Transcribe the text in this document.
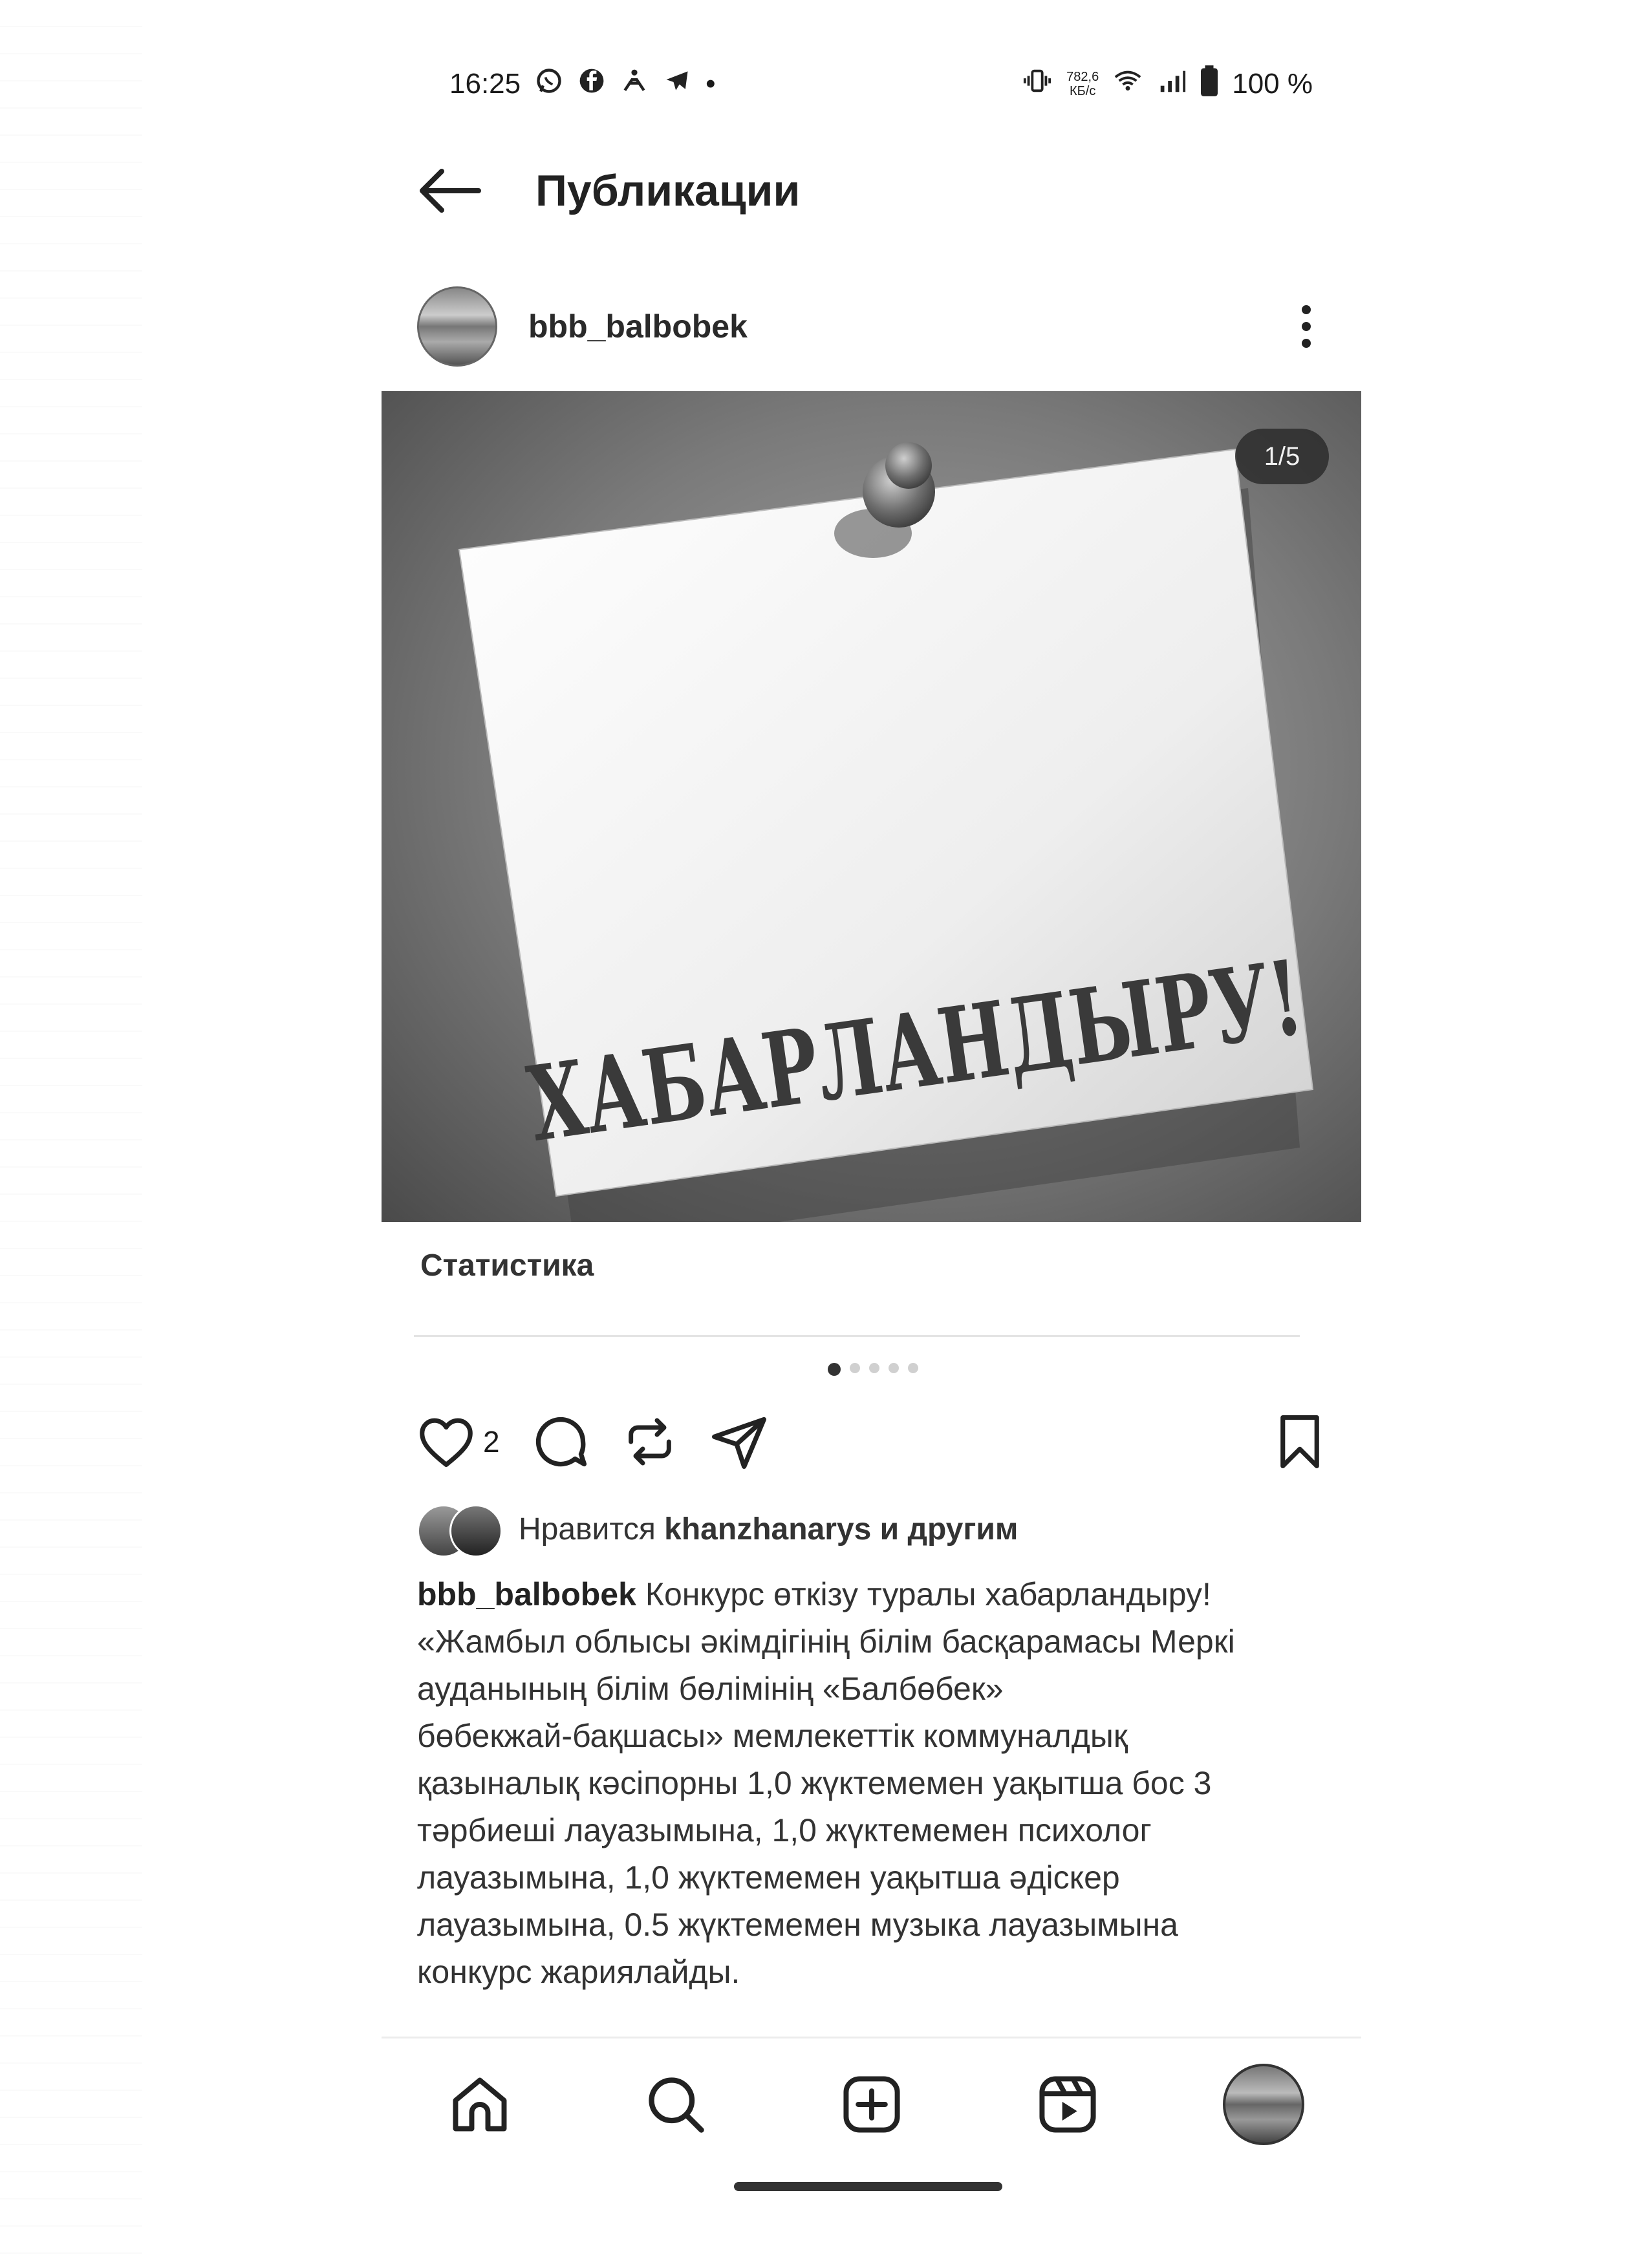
16:25	•	782,6
КБ/с	100 %
Публикации
bbb_balbobek
ХАБАРЛАНДЫРУ!
1/5
Статистика
2
Нравится khanzhanarys и другим
bbb_balbobek Конкурс өткізу туралы хабарландыру!
«Жамбыл облысы әкімдігінің білім басқарамасы Меркі
ауданының білім бөлімінің «Балбөбек»
бөбекжай-бақшасы» мемлекеттік коммуналдық
қазыналық кәсіпорны 1,0 жүктемемен уақытша бос 3
тәрбиеші лауазымына, 1,0 жүктемемен психолог
лауазымына, 1,0 жүктемемен уақытша әдіскер
лауазымына, 0.5 жүктемемен музыка лауазымына
конкурс жариялайды.
